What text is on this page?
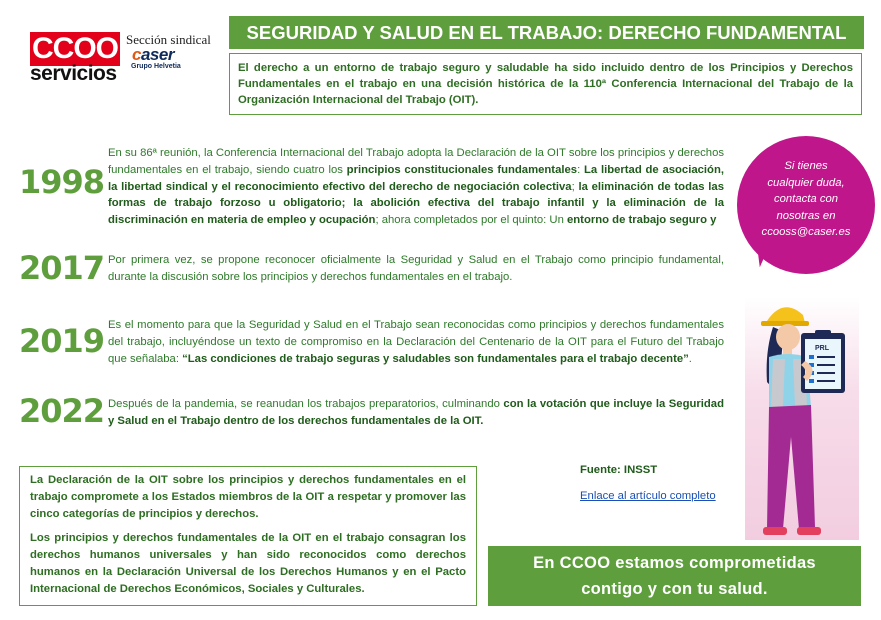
CCOO
servicios
Sección sindical
caser
Grupo Helvetia
SEGURIDAD Y SALUD EN EL TRABAJO: DERECHO FUNDAMENTAL
El derecho a un entorno de trabajo seguro y saludable ha sido incluido dentro de los Principios y Derechos Fundamentales en el trabajo en una decisión histórica de la 110ª Conferencia Internacional del Trabajo de la Organización Internacional del Trabajo (OIT).
1998
En su 86ª reunión, la Conferencia Internacional del Trabajo adopta la Declaración de la OIT sobre los principios y derechos fundamentales en el trabajo, siendo cuatro los principios constitucionales fundamentales: La libertad de asociación, la libertad sindical y el reconocimiento efectivo del derecho de negociación colectiva; la eliminación de todas las formas de trabajo forzoso u obligatorio; la abolición efectiva del trabajo infantil y la eliminación de la discriminación en materia de empleo y ocupación; ahora completados por el quinto: Un entorno de trabajo seguro y
2017 Por primera vez, se propone reconocer oficialmente la Seguridad y Salud en el Trabajo como principio fundamental, durante la discusión sobre los principios y derechos fundamentales en el trabajo.
2019 Es el momento para que la Seguridad y Salud en el Trabajo sean reconocidas como principios y derechos fundamentales del trabajo, incluyéndose un texto de compromiso en la Declaración del Centenario de la OIT para el Futuro del Trabajo que señalaba: “Las condiciones de trabajo seguras y saludables son fundamentales para el trabajo decente”.
2022 Después de la pandemia, se reanudan los trabajos preparatorios, culminando con la votación que incluye la Seguridad y Salud en el Trabajo dentro de los derechos fundamentales de la OIT.
Si tienes
cualquier duda,
contacta con
nosotras en
ccooss@caser.es
PRL

La Declaración de la OIT sobre los principios y derechos fundamentales en el trabajo compromete a los Estados miembros de la OIT a respetar y promover las cinco categorías de principios y derechos.

Los principios y derechos fundamentales de la OIT en el trabajo consagran los derechos humanos universales y han sido reconocidos como derechos humanos en la Declaración Universal de los Derechos Humanos y en el Pacto Internacional de Derechos Económicos, Sociales y Culturales.

Fuente: INSST
Enlace al artículo completo
En CCOO estamos comprometidas
contigo y con tu salud.
